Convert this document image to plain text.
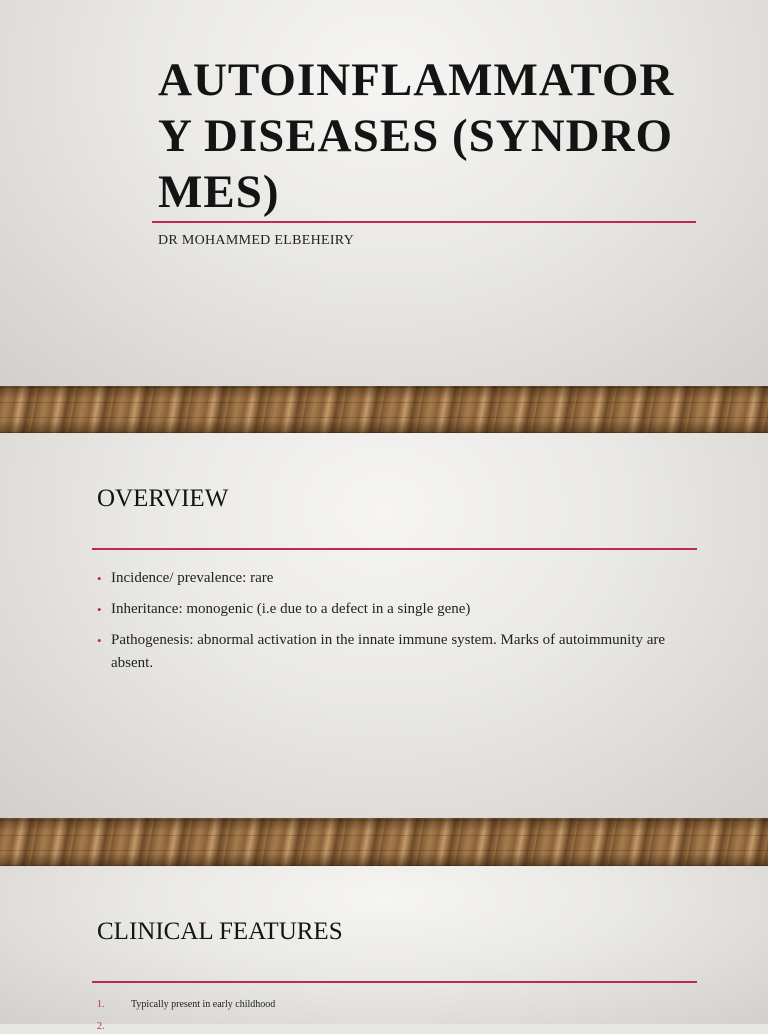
AUTOINFLAMMATORY DISEASES (SYNDROMES)
DR MOHAMMED ELBEHEIRY
OVERVIEW
• Incidence/ prevalence: rare
• Inheritance: monogenic (i.e due to a defect in a single gene)
• Pathogenesis: abnormal activation in the innate immune system. Marks of autoimmunity are absent.
CLINICAL FEATURES
1.	Typically present in early childhood
2.
